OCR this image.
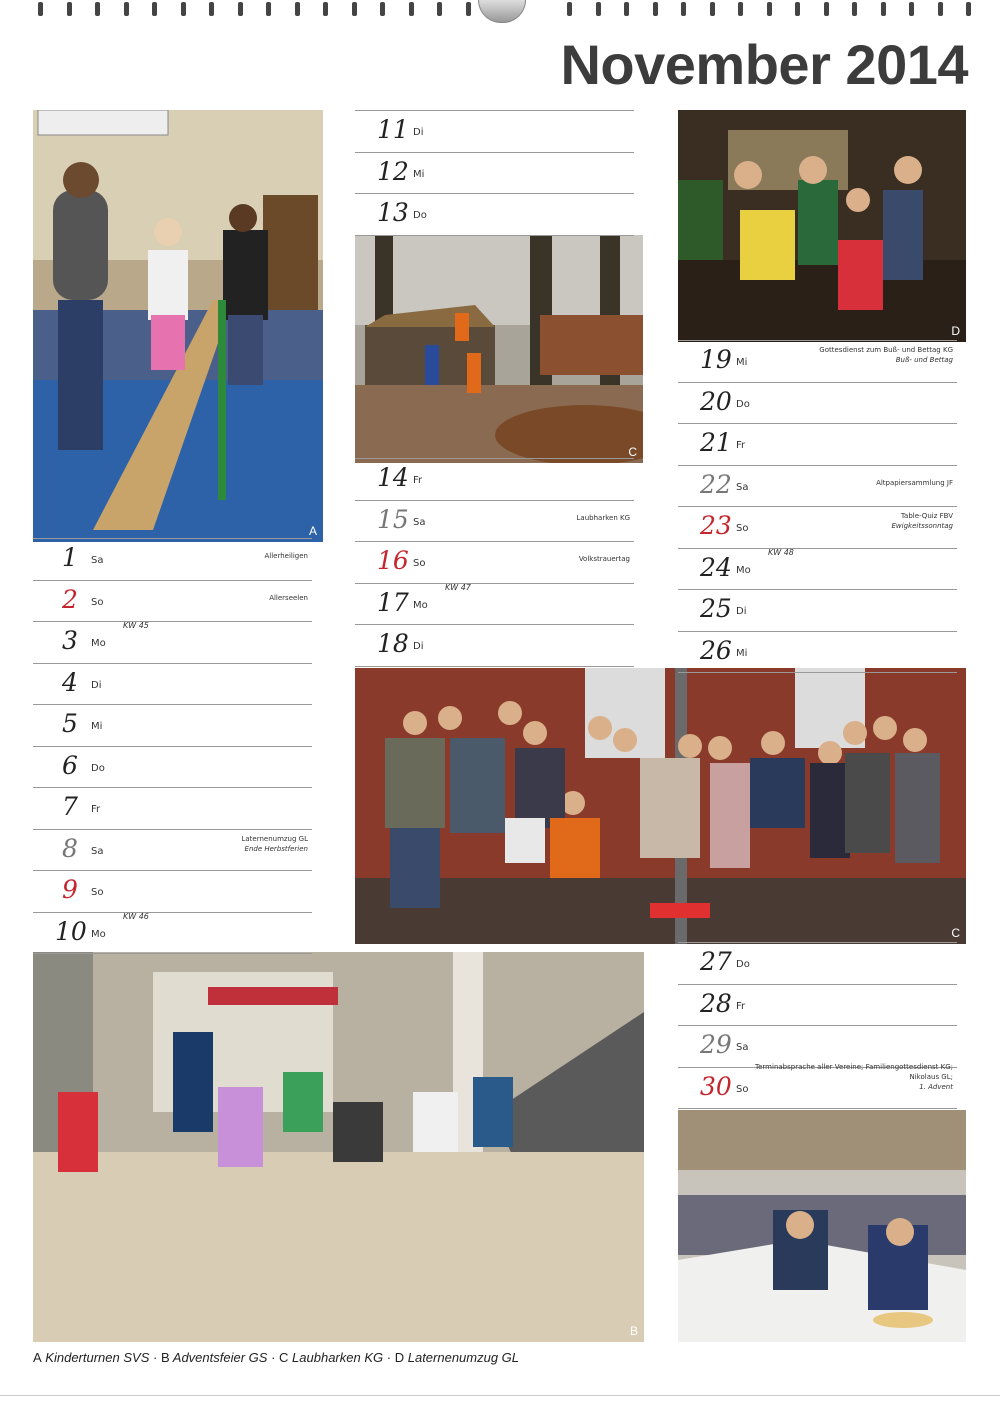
November 2014
A
C
D
C
B
1	Sa	Allerheiligen
2	So	Allerseelen
3	Mo
KW 45
4	Di
5	Mi
6	Do
7	Fr
8	Sa
Laternenumzug GL
Ende Herbstferien
9	So
10 Mo
KW 46
11 Di
12 Mi
13 Do
14 Fr
15 Sa	Laubharken KG
16 So	Volkstrauertag
17 Mo
KW 47
18 Di
19 Mi
Gottesdienst zum Buß- und Bettag KG
Buß- und Bettag
20 Do
21 Fr
22 Sa	Altpapiersammlung JF
23 So
Table-Quiz FBV
Ewigkeitssonntag
24 Mo
KW 48
25 Di
26 Mi
27 Do
28 Fr
29 Sa
30 So
Terminabsprache aller Vereine; Familiengottesdienst KG; Nikolaus GL;
1. Advent
A Kinderturnen SVS · B Adventsfeier GS · C Laubharken KG · D Laternenumzug GL
